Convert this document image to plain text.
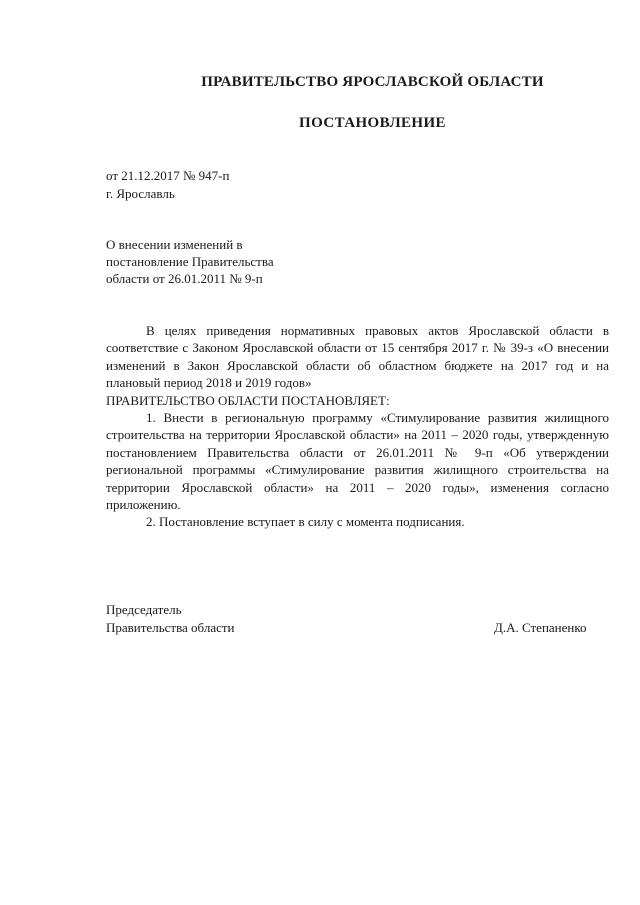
ПРАВИТЕЛЬСТВО ЯРОСЛАВСКОЙ ОБЛАСТИ
ПОСТАНОВЛЕНИЕ
от 21.12.2017 № 947-п
г. Ярославль
О внесении изменений в
постановление Правительства
области от 26.01.2011 № 9-п

В целях приведения нормативных правовых актов Ярославской области в соответствие с Законом Ярославской области от 15 сентября 2017 г. № 39-з «О внесении изменений в Закон Ярославской области об областном бюджете на 2017 год и на плановый период 2018 и 2019 годов»

ПРАВИТЕЛЬСТВО ОБЛАСТИ ПОСТАНОВЛЯЕТ:

1. Внести в региональную программу «Стимулирование развития жилищного строительства на территории Ярославской области» на 2011 – 2020 годы, утвержденную постановлением Правительства области от 26.01.2011 № 9-п «Об утверждении региональной программы «Стимулирование развития жилищного строительства на территории Ярославской области» на 2011 – 2020 годы», изменения согласно приложению.

2. Постановление вступает в силу с момента подписания.

Председатель
Правительства области	Д.А. Степаненко
